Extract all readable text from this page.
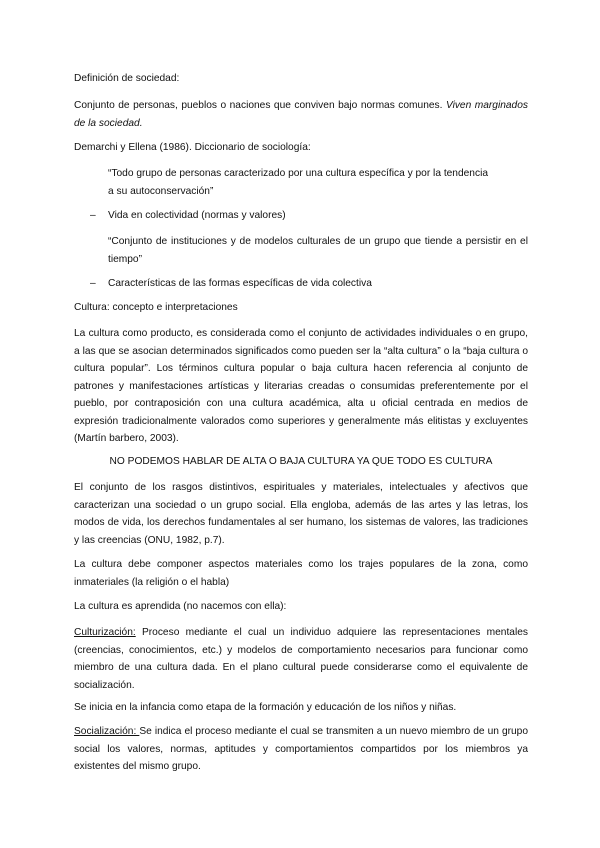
Definición de sociedad:

Conjunto de personas, pueblos o naciones que conviven bajo normas comunes. Viven marginados de la sociedad.

Demarchi y Ellena (1986). Diccionario de sociología:

“Todo grupo de personas caracterizado por una cultura específica y por la tendencia a su autoconservación”

– Vida en colectividad (normas y valores)

“Conjunto de instituciones y de modelos culturales de un grupo que tiende a persistir en el tiempo”

– Características de las formas específicas de vida colectiva

Cultura: concepto e interpretaciones

La cultura como producto, es considerada como el conjunto de actividades individuales o en grupo, a las que se asocian determinados significados como pueden ser la “alta cultura” o la “baja cultura o cultura popular”. Los términos cultura popular o baja cultura hacen referencia al conjunto de patrones y manifestaciones artísticas y literarias creadas o consumidas preferentemente por el pueblo, por contraposición con una cultura académica, alta u oficial centrada en medios de expresión tradicionalmente valorados como superiores y generalmente más elitistas y excluyentes (Martín barbero, 2003).

NO PODEMOS HABLAR DE ALTA O BAJA CULTURA YA QUE TODO ES CULTURA

El conjunto de los rasgos distintivos, espirituales y materiales, intelectuales y afectivos que caracterizan una sociedad o un grupo social. Ella engloba, además de las artes y las letras, los modos de vida, los derechos fundamentales al ser humano, los sistemas de valores, las tradiciones y las creencias (ONU, 1982, p.7).

La cultura debe componer aspectos materiales como los trajes populares de la zona, como inmateriales (la religión o el habla)

La cultura es aprendida (no nacemos con ella):

Culturización: Proceso mediante el cual un individuo adquiere las representaciones mentales (creencias, conocimientos, etc.) y modelos de comportamiento necesarios para funcionar como miembro de una cultura dada. En el plano cultural puede considerarse como el equivalente de socialización.

Se inicia en la infancia como etapa de la formación y educación de los niños y niñas.

Socialización: Se indica el proceso mediante el cual se transmiten a un nuevo miembro de un grupo social los valores, normas, aptitudes y comportamientos compartidos por los miembros ya existentes del mismo grupo.
